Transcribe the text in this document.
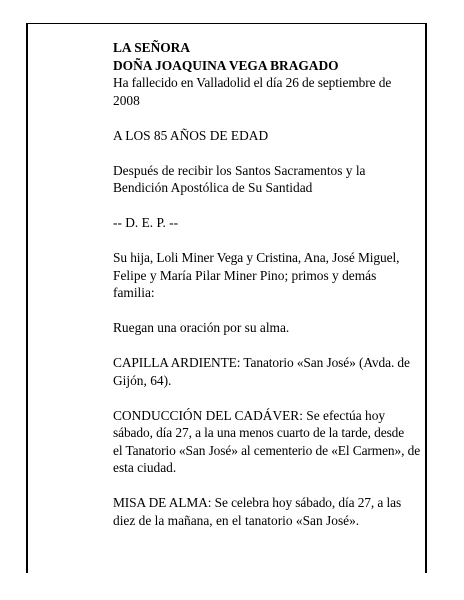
LA SEÑORA

DOÑA JOAQUINA VEGA BRAGADO

Ha fallecido en Valladolid el día 26 de septiembre de

2008

A LOS 85 AÑOS DE EDAD

Después de recibir los Santos Sacramentos y la

Bendición Apostólica de Su Santidad

-- D. E. P. --

Su hija, Loli Miner Vega y Cristina, Ana, José Miguel,

Felipe y María Pilar Miner Pino; primos y demás

familia:

Ruegan una oración por su alma.

CAPILLA ARDIENTE: Tanatorio «San José» (Avda. de

Gijón, 64).

CONDUCCIÓN DEL CADÁVER: Se efectúa hoy

sábado, día 27, a la una menos cuarto de la tarde, desde

el Tanatorio «San José» al cementerio de «El Carmen», de

esta ciudad.

MISA DE ALMA: Se celebra hoy sábado, día 27, a las

diez de la mañana, en el tanatorio «San José».
